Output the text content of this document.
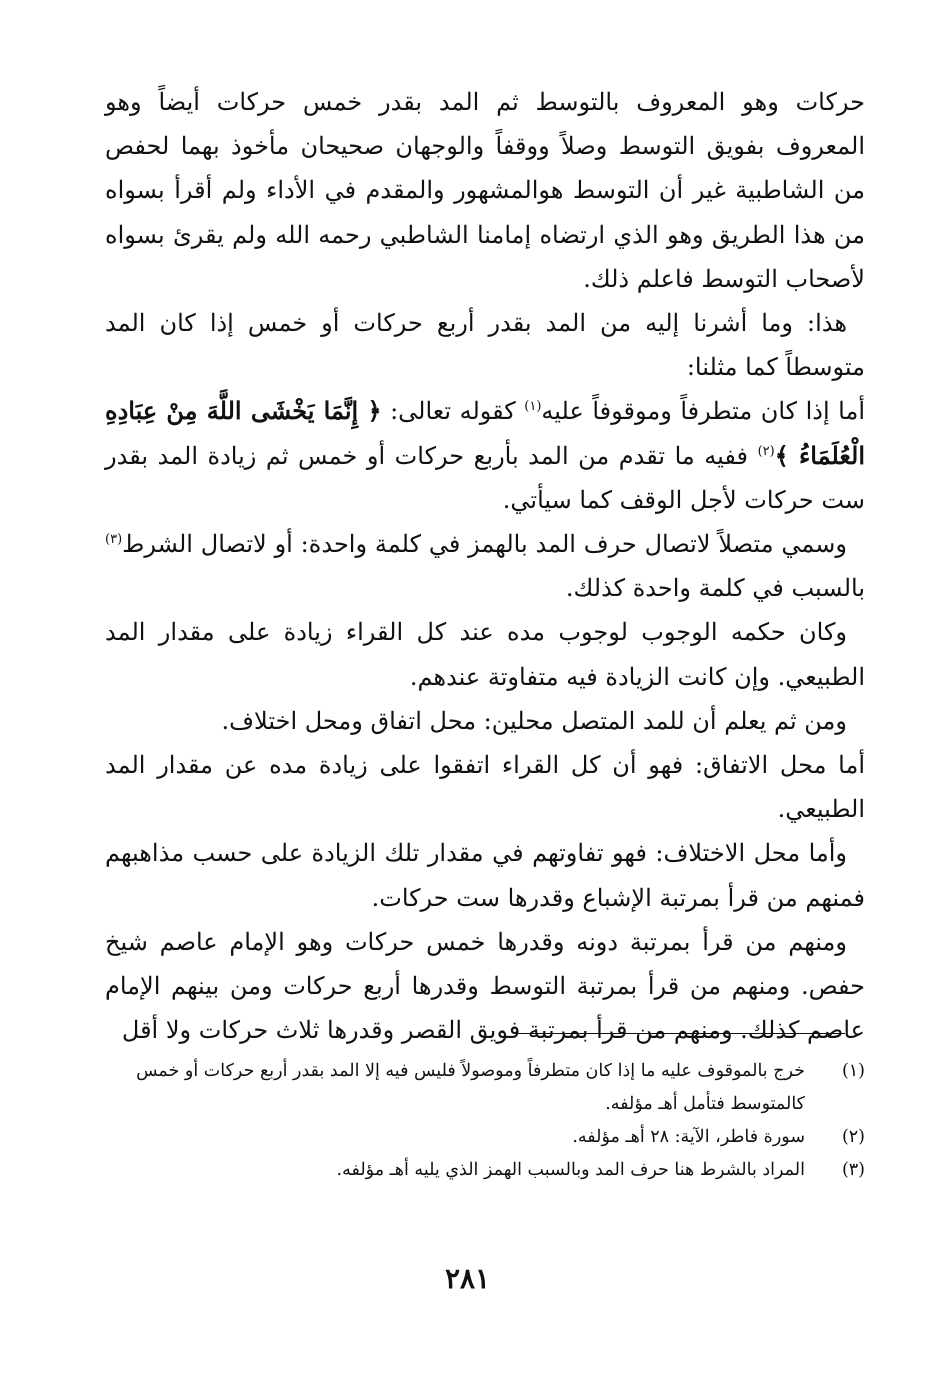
حركات وهو المعروف بالتوسط ثم المد بقدر خمس حركات أيضاً وهو المعروف بفويق التوسط وصلاً ووقفاً والوجهان صحيحان مأخوذ بهما لحفص من الشاطبية غير أن التوسط هوالمشهور والمقدم في الأداء ولم أقرأ بسواه من هذا الطريق وهو الذي ارتضاه إمامنا الشاطبي رحمه الله ولم يقرئ بسواه لأصحاب التوسط فاعلم ذلك.

هذا: وما أشرنا إليه من المد بقدر أربع حركات أو خمس إذا كان المد متوسطاً كما مثلنا:

أما إذا كان متطرفاً وموقوفاً عليه$^{(١)}$ كقوله تعالى: ﴿ إِنَّمَا يَخْشَى اللَّهَ مِنْ عِبَادِهِ الْعُلَمَاءُ ﴾$^{(٢)}$ ففيه ما تقدم من المد بأربع حركات أو خمس ثم زيادة المد بقدر ست حركات لأجل الوقف كما سيأتي.

وسمي متصلاً لاتصال حرف المد بالهمز في كلمة واحدة: أو لاتصال الشرط$^{(٣)}$ بالسبب في كلمة واحدة كذلك.

وكان حكمه الوجوب لوجوب مده عند كل القراء زيادة على مقدار المد الطبيعي. وإن كانت الزيادة فيه متفاوتة عندهم.

ومن ثم يعلم أن للمد المتصل محلين: محل اتفاق ومحل اختلاف.

أما محل الاتفاق: فهو أن كل القراء اتفقوا على زيادة مده عن مقدار المد الطبيعي.

وأما محل الاختلاف: فهو تفاوتهم في مقدار تلك الزيادة على حسب مذاهبهم فمنهم من قرأ بمرتبة الإشباع وقدرها ست حركات.

ومنهم من قرأ بمرتبة دونه وقدرها خمس حركات وهو الإمام عاصم شيخ حفص. ومنهم من قرأ بمرتبة التوسط وقدرها أربع حركات ومن بينهم الإمام عاصم كذلك. ومنهم من قرأ بمرتبة فويق القصر وقدرها ثلاث حركات ولا أقل

(١)
خرج بالموقوف عليه ما إذا كان متطرفاً وموصولاً فليس فيه إلا المد بقدر أربع حركات أو خمس كالمتوسط فتأمل أهـ مؤلفه.
(٢)
سورة فاطر، الآية: ٢٨ أهـ مؤلفه.
(٣)
المراد بالشرط هنا حرف المد وبالسبب الهمز الذي يليه أهـ مؤلفه.
٢٨١
